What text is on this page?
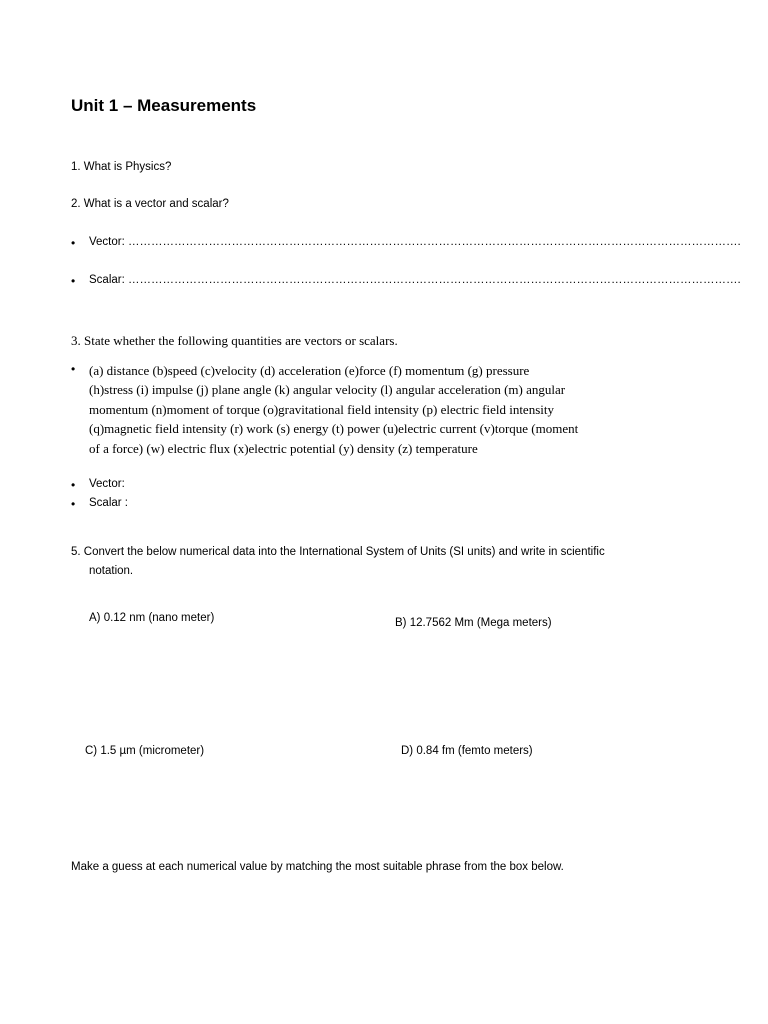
Unit 1 – Measurements
1. What is Physics?
2. What is a vector and scalar?
• Vector: …………………………………………………………………………………………………………………………………………….
• Scalar: …………………………………………………………………………………………………………………………………………….
3. State whether the following quantities are vectors or scalars.
• (a) distance (b)speed (c)velocity (d) acceleration (e)force (f) momentum (g) pressure
(h)stress (i) impulse (j) plane angle (k) angular velocity (l) angular acceleration (m) angular
momentum (n)moment of torque (o)gravitational field intensity (p) electric field intensity
(q)magnetic field intensity (r) work (s) energy (t) power (u)electric current (v)torque (moment
of a force) (w) electric flux (x)electric potential (y) density (z) temperature
• Vector:
• Scalar :
5. Convert the below numerical data into the International System of Units (SI units) and write in scientific
notation.
A) 0.12 nm (nano meter)	B) 12.7562 Mm (Mega meters)
C) 1.5 µm (micrometer)	D) 0.84 fm (femto meters)
Make a guess at each numerical value by matching the most suitable phrase from the box below.
